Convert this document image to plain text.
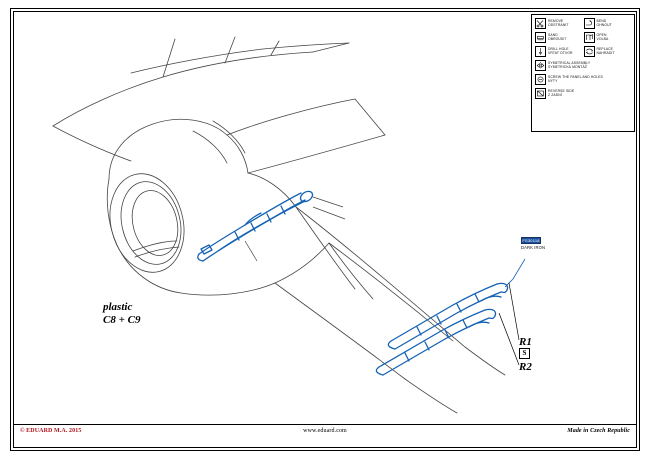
REMOVE
ODSTRANIT
BEND
OHNOUT
SAND
OBROUSIT
OPEN
VOLBA
DRILL HOLE
VRTAT OTVOR
REPLACE
NAHRADIT
SYMETRICAL ASSEMBLY
SYMETRICKÁ MONTÁŽ
SCREW THE PANEL AND HOLES
NÝTY
REVERSE SIDE
Z ZADNÍ
plastic
C8 + C9
R1
S
R2
FS30118
DARK IRON
© EDUARD M.A. 2015	www.eduard.com	Made in Czech Republic
